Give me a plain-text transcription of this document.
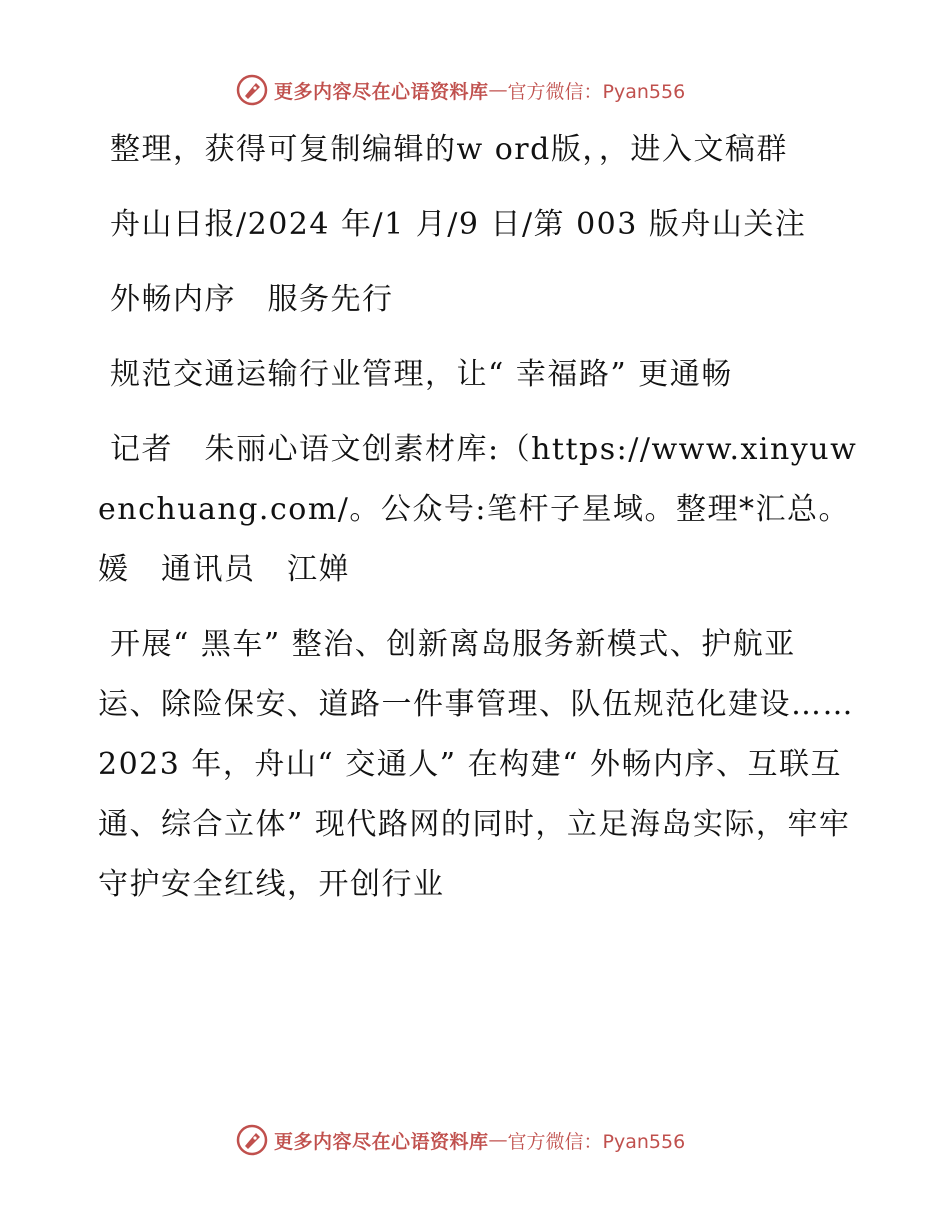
更多内容尽在心语资料库 — 官方微信：Pyan556

整理，获得可复制编辑的w ord版，，进入文稿群

舟山日报/2024 年/1 月/9 日/第 003 版舟山关注

外畅内序　服务先行

规范交通运输行业管理，让“ 幸福路” 更通畅

记者　朱丽心语文创素材库:（https://www.xinyuwenchuang.com/。公众号:笔杆子星域。整理*汇总。媛　通讯员　江婵

开展“ 黑车” 整治、创新离岛服务新模式、护航亚运、除险保安、道路一件事管理、队伍规范化建设…… 2023 年，舟山“ 交通人” 在构建“ 外畅内序、互联互通、综合立体” 现代路网的同时，立足海岛实际，牢牢守护安全红线，开创行业

更多内容尽在心语资料库 — 官方微信：Pyan556
